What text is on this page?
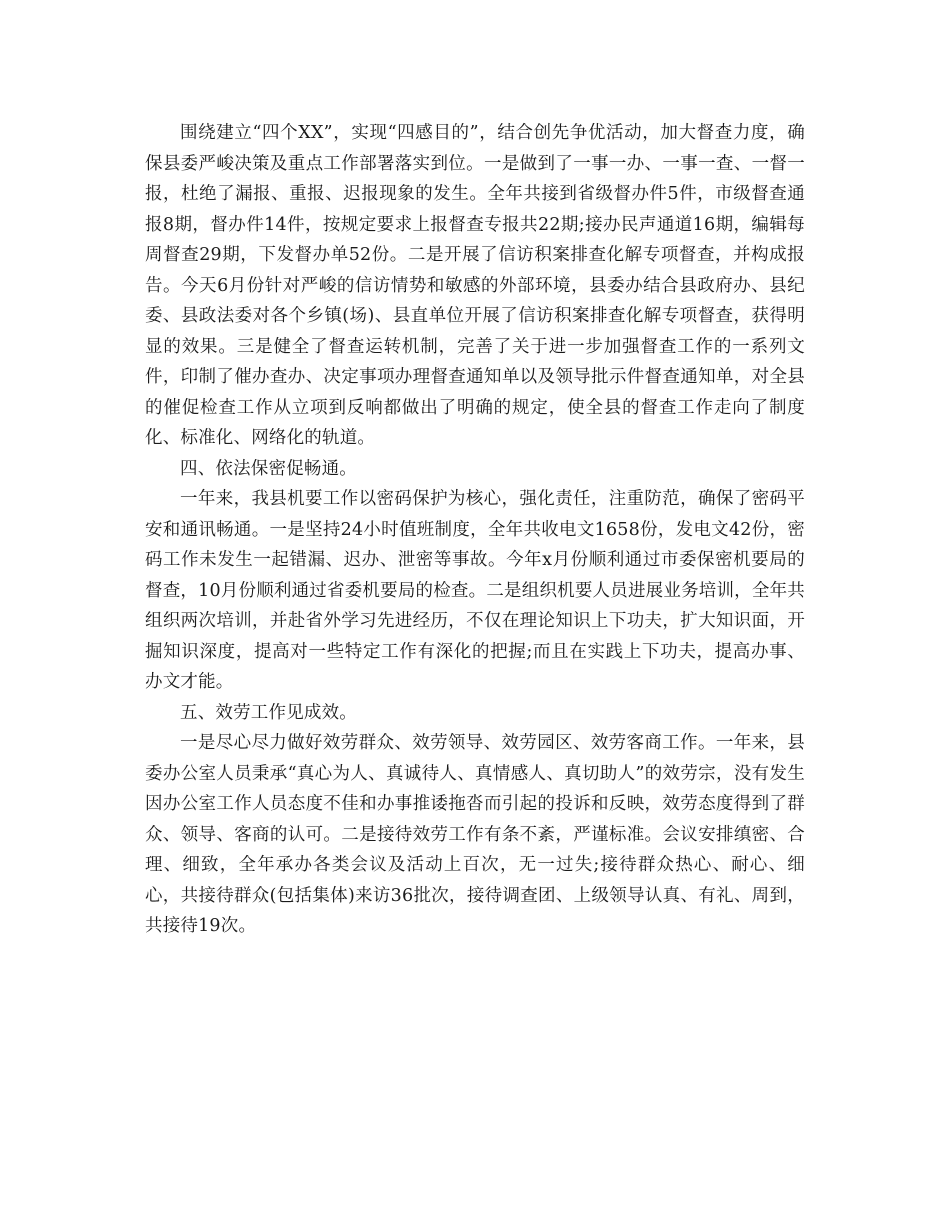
围绕建立“四个XX”，实现“四感目的”，结合创先争优活动，加大督查力度，确保县委严峻决策及重点工作部署落实到位。一是做到了一事一办、一事一查、一督一报，杜绝了漏报、重报、迟报现象的发生。全年共接到省级督办件5件，市级督查通报8期，督办件14件，按规定要求上报督查专报共22期;接办民声通道16期，编辑每周督查29期，下发督办单52份。二是开展了信访积案排查化解专项督查，并构成报告。今天6月份针对严峻的信访情势和敏感的外部环境，县委办结合县政府办、县纪委、县政法委对各个乡镇(场)、县直单位开展了信访积案排查化解专项督查，获得明显的效果。三是健全了督查运转机制，完善了关于进一步加强督查工作的一系列文件，印制了催办查办、决定事项办理督查通知单以及领导批示件督查通知单，对全县的催促检查工作从立项到反响都做出了明确的规定，使全县的督查工作走向了制度化、标准化、网络化的轨道。

四、依法保密促畅通。

一年来，我县机要工作以密码保护为核心，强化责任，注重防范，确保了密码平安和通讯畅通。一是坚持24小时值班制度，全年共收电文1658份，发电文42份，密码工作未发生一起错漏、迟办、泄密等事故。今年x月份顺利通过市委保密机要局的督查，10月份顺利通过省委机要局的检查。二是组织机要人员进展业务培训，全年共组织两次培训，并赴省外学习先进经历，不仅在理论知识上下功夫，扩大知识面，开掘知识深度，提高对一些特定工作有深化的把握;而且在实践上下功夫，提高办事、办文才能。

五、效劳工作见成效。

一是尽心尽力做好效劳群众、效劳领导、效劳园区、效劳客商工作。一年来，县委办公室人员秉承“真心为人、真诚待人、真情感人、真切助人”的效劳宗，没有发生因办公室工作人员态度不佳和办事推诿拖沓而引起的投诉和反映，效劳态度得到了群众、领导、客商的认可。二是接待效劳工作有条不紊，严谨标准。会议安排缜密、合理、细致，全年承办各类会议及活动上百次，无一过失;接待群众热心、耐心、细心，共接待群众(包括集体)来访36批次，接待调查团、上级领导认真、有礼、周到，共接待19次。
